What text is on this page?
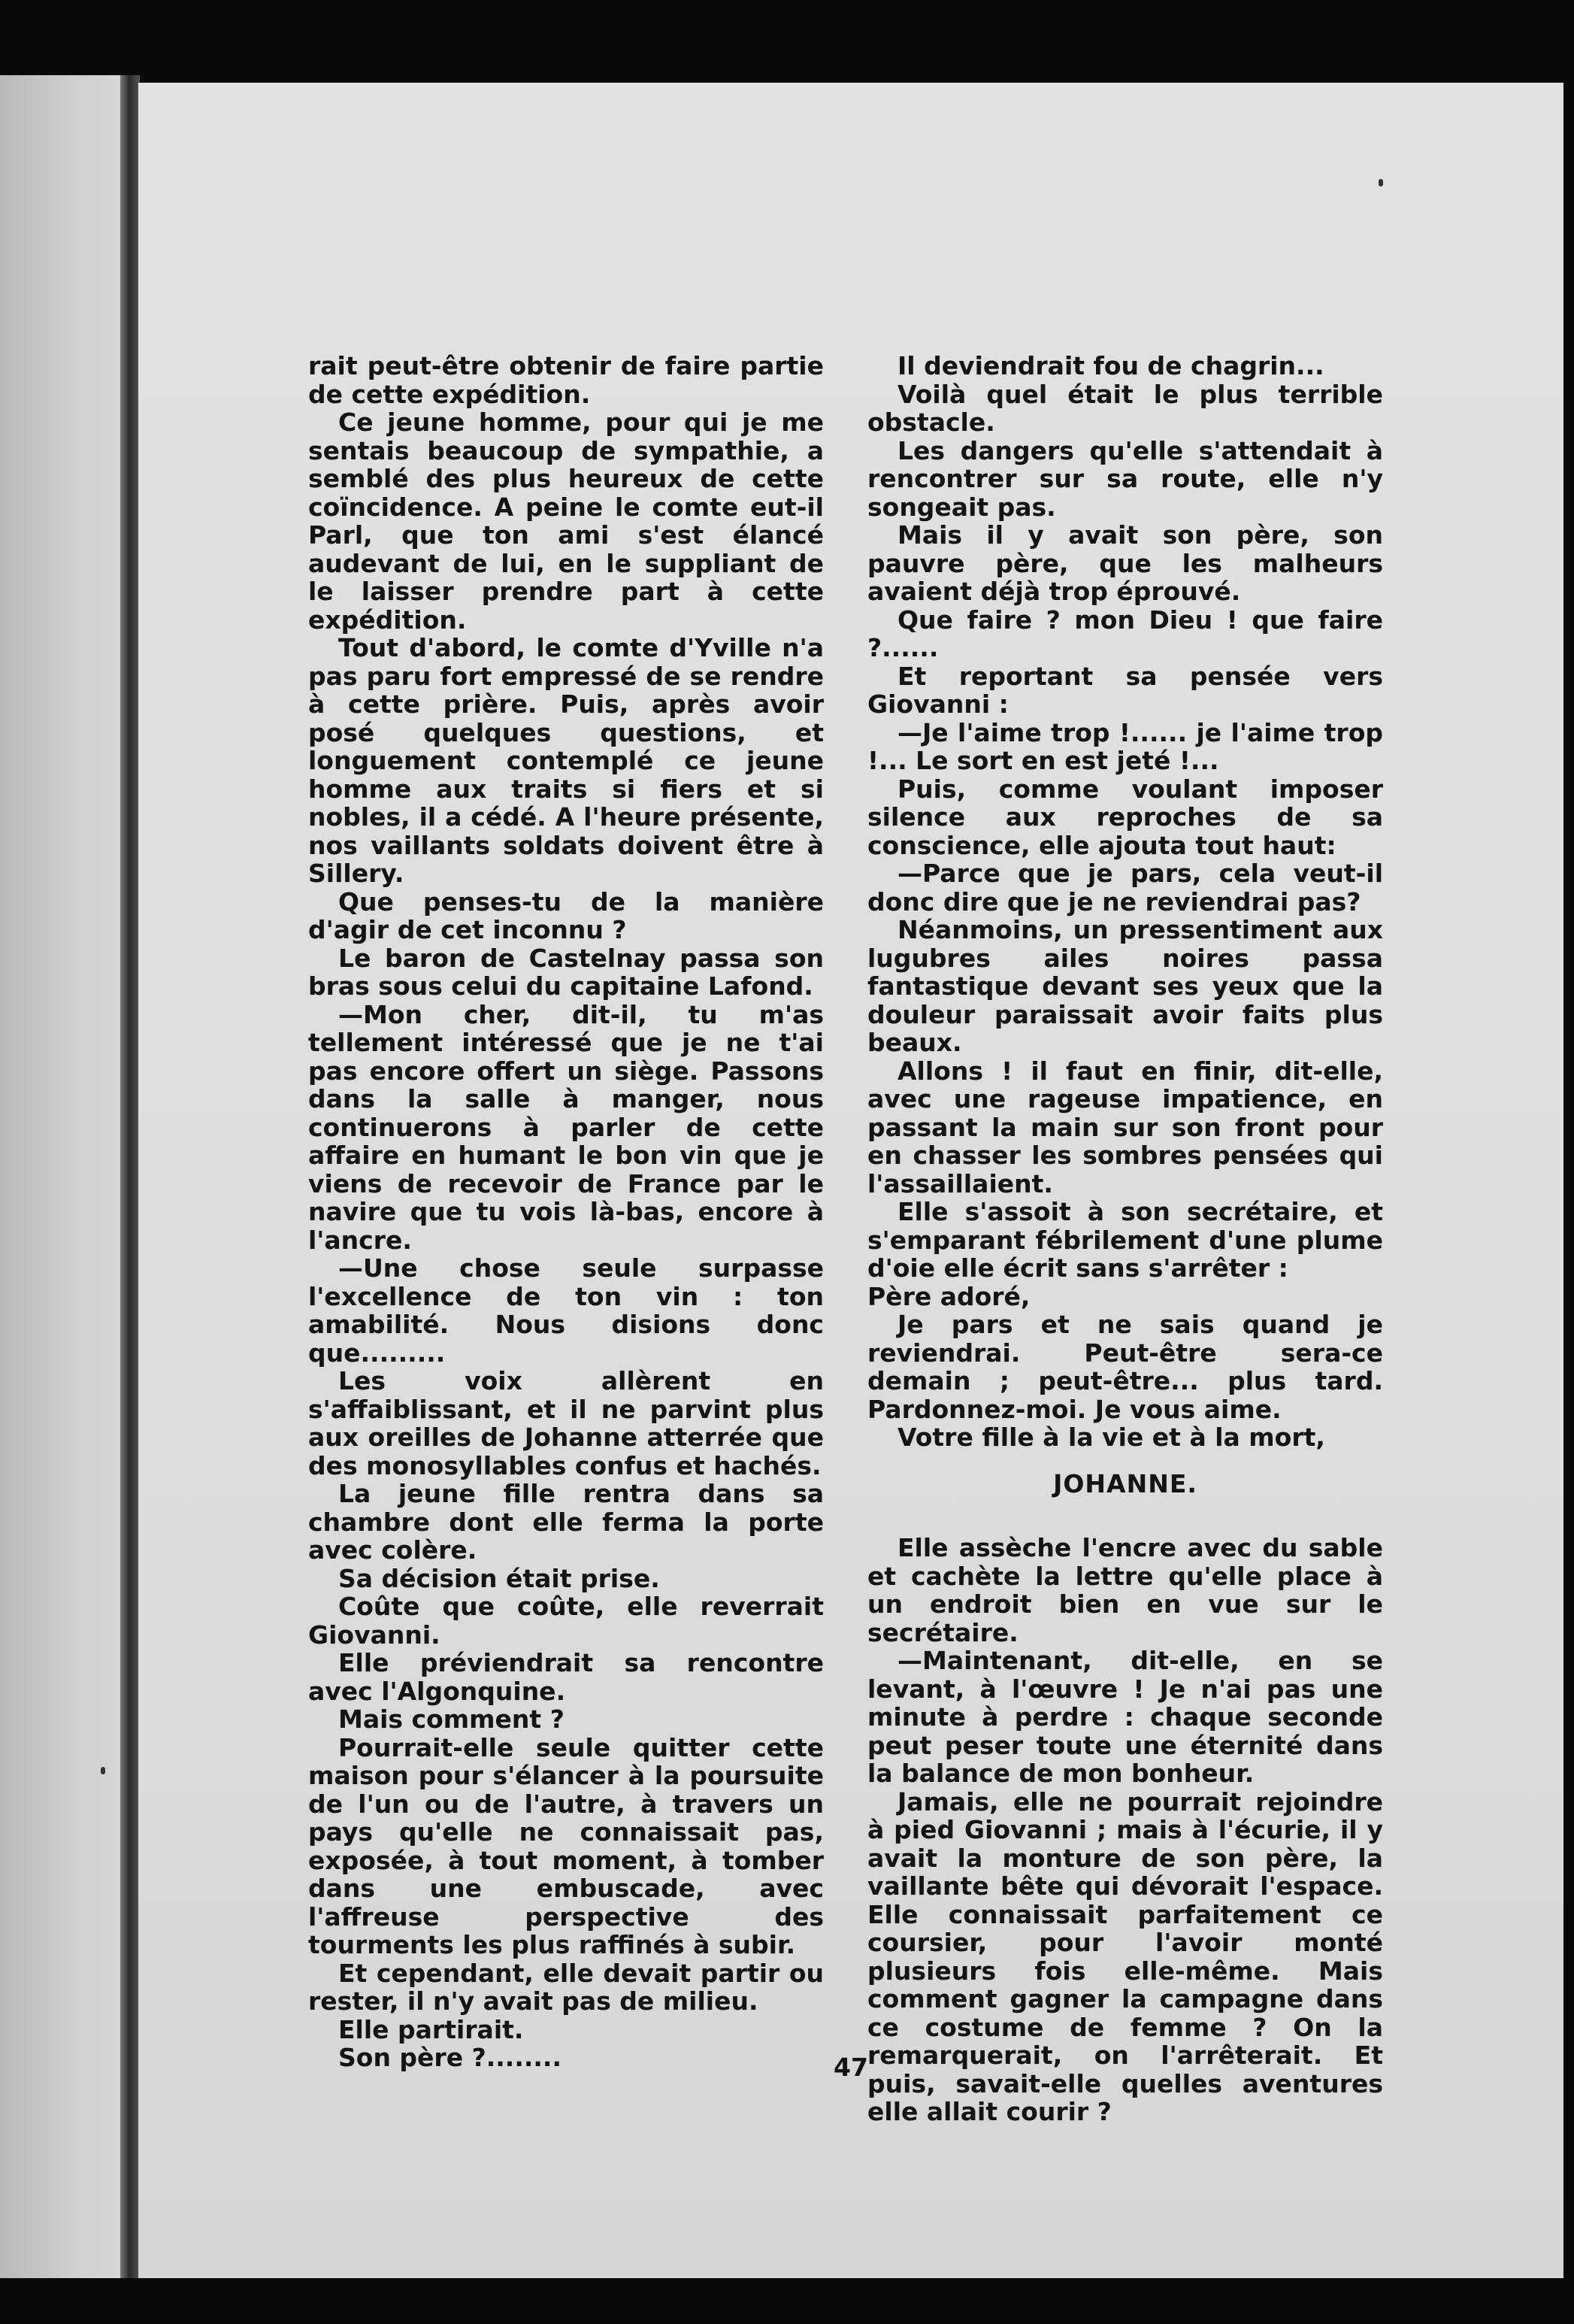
rait peut-être obtenir de faire partie de cette expédition.

Ce jeune homme, pour qui je me sentais beaucoup de sympathie, a semblé des plus heureux de cette coïncidence. A peine le comte eut-il Parl, que ton ami s'est élancé audevant de lui, en le suppliant de le laisser prendre part à cette expédition.

Tout d'abord, le comte d'Yville n'a pas paru fort empressé de se rendre à cette prière. Puis, après avoir posé quelques questions, et longuement contemplé ce jeune homme aux traits si fiers et si nobles, il a cédé. A l'heure présente, nos vaillants soldats doivent être à Sillery.

Que penses-tu de la manière d'agir de cet inconnu ?

Le baron de Castelnay passa son bras sous celui du capitaine Lafond.

—Mon cher, dit-il, tu m'as tellement intéressé que je ne t'ai pas encore offert un siège. Passons dans la salle à manger, nous continuerons à parler de cette affaire en humant le bon vin que je viens de recevoir de France par le navire que tu vois là-bas, encore à l'ancre.

—Une chose seule surpasse l'excellence de ton vin : ton amabilité. Nous disions donc que.........

Les voix allèrent en s'affaiblissant, et il ne parvint plus aux oreilles de Johanne atterrée que des monosyllables confus et hachés.

La jeune fille rentra dans sa chambre dont elle ferma la porte avec colère.

Sa décision était prise.

Coûte que coûte, elle reverrait Giovanni.

Elle préviendrait sa rencontre avec l'Algonquine.

Mais comment ?

Pourrait-elle seule quitter cette maison pour s'élancer à la poursuite de l'un ou de l'autre, à travers un pays qu'elle ne connaissait pas, exposée, à tout moment, à tomber dans une embuscade, avec l'affreuse perspective des tourments les plus raffinés à subir.

Et cependant, elle devait partir ou rester, il n'y avait pas de milieu.

Elle partirait.

Son père ?........

Il deviendrait fou de chagrin...

Voilà quel était le plus terrible obstacle.

Les dangers qu'elle s'attendait à rencontrer sur sa route, elle n'y songeait pas.

Mais il y avait son père, son pauvre père, que les malheurs avaient déjà trop éprouvé.

Que faire ? mon Dieu ! que faire ?......

Et reportant sa pensée vers Giovanni :

—Je l'aime trop !...... je l'aime trop !... Le sort en est jeté !...

Puis, comme voulant imposer silence aux reproches de sa conscience, elle ajouta tout haut:

—Parce que je pars, cela veut-il donc dire que je ne reviendrai pas?

Néanmoins, un pressentiment aux lugubres ailes noires passa fantastique devant ses yeux que la douleur paraissait avoir faits plus beaux.

Allons ! il faut en finir, dit-elle, avec une rageuse impatience, en passant la main sur son front pour en chasser les sombres pensées qui l'assaillaient.

Elle s'assoit à son secrétaire, et s'emparant fébrilement d'une plume d'oie elle écrit sans s'arrêter :

Père adoré,

Je pars et ne sais quand je reviendrai. Peut-être sera-ce demain ; peut-être... plus tard. Pardonnez-moi. Je vous aime.

Votre fille à la vie et à la mort,

JOHANNE.

Elle assèche l'encre avec du sable et cachète la lettre qu'elle place à un endroit bien en vue sur le secrétaire.

—Maintenant, dit-elle, en se levant, à l'œuvre ! Je n'ai pas une minute à perdre : chaque seconde peut peser toute une éternité dans la balance de mon bonheur.

Jamais, elle ne pourrait rejoindre à pied Giovanni ; mais à l'écurie, il y avait la monture de son père, la vaillante bête qui dévorait l'espace. Elle connaissait parfaitement ce coursier, pour l'avoir monté plusieurs fois elle-même. Mais comment gagner la campagne dans ce costume de femme ? On la remarquerait, on l'arrêterait. Et puis, savait-elle quelles aventures elle allait courir ?

47
